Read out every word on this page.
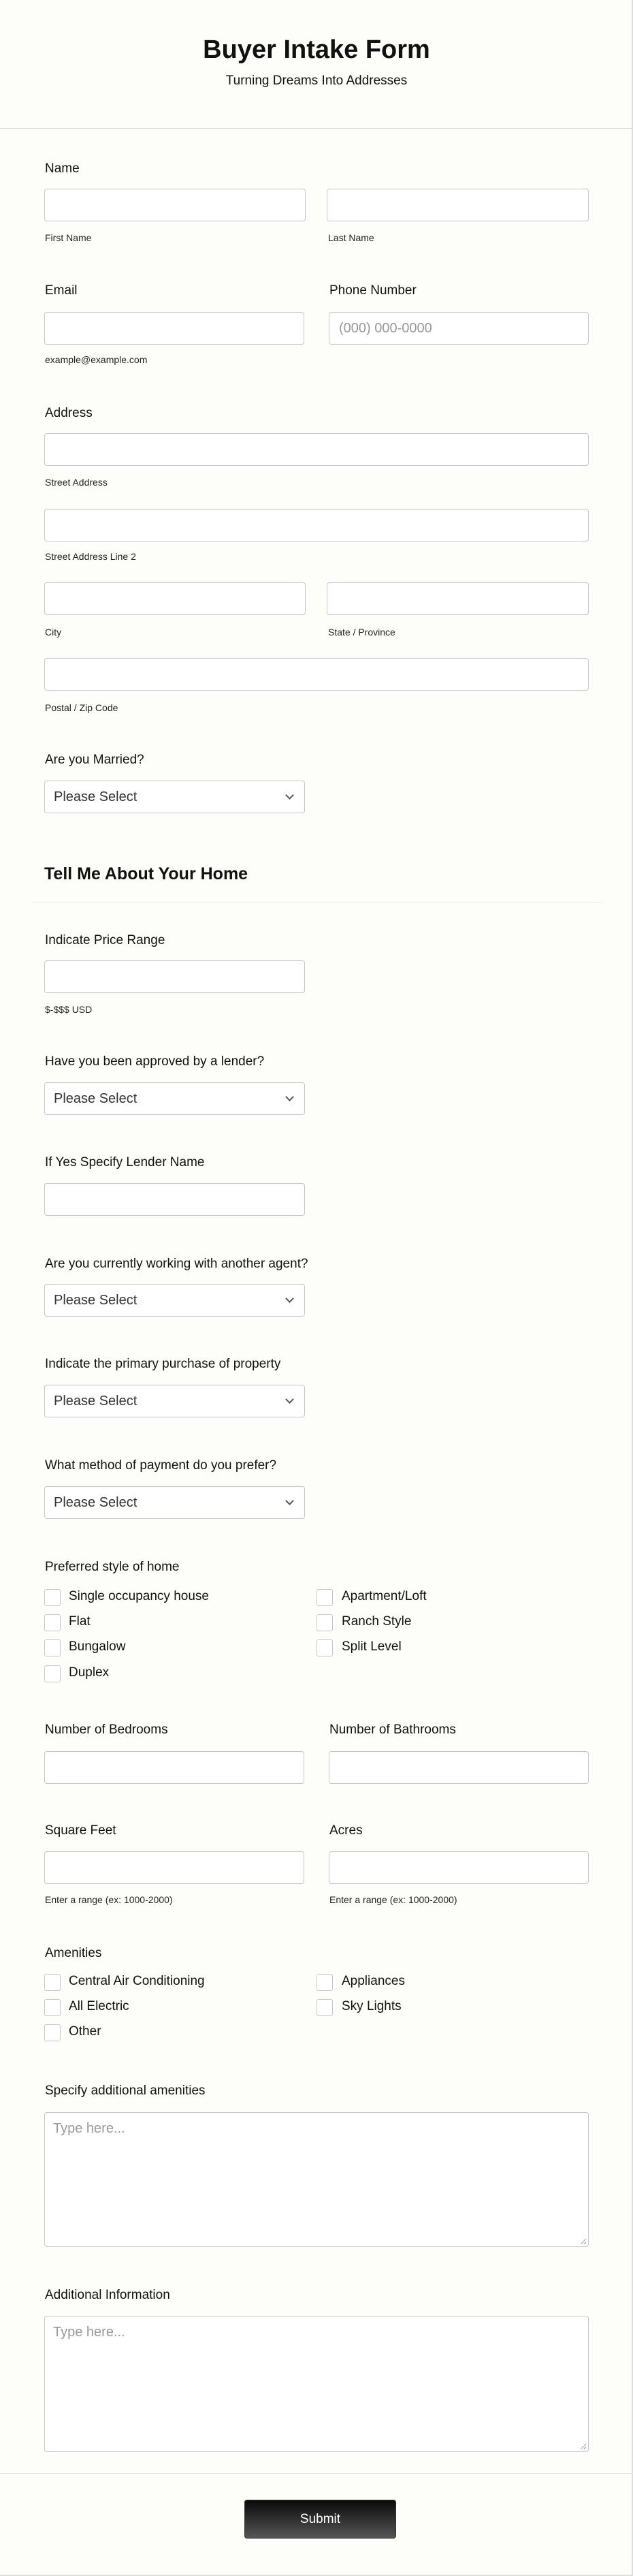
Buyer Intake Form
Turning Dreams Into Addresses
Name
First Name	Last Name
Email
example@example.com
Phone Number
(000) 000-0000
Address
Street Address
Street Address Line 2
City	State / Province
Postal / Zip Code
Are you Married?
Please Select
Tell Me About Your Home
Indicate Price Range
$-$$$ USD
Have you been approved by a lender?
Please Select
If Yes Specify Lender Name
Are you currently working with another agent?
Please Select
Indicate the primary purchase of property
Please Select
What method of payment do you prefer?
Please Select
Preferred style of home
Single occupancy house
Flat
Bungalow
Duplex
Apartment/Loft
Ranch Style
Split Level
Number of Bedrooms	Number of Bathrooms
Square Feet
Enter a range (ex: 1000-2000)
Acres
Enter a range (ex: 1000-2000)
Amenities
Central Air Conditioning
All Electric
Other
Appliances
Sky Lights
Specify additional amenities
Type here...
Additional Information
Type here...
Submit
